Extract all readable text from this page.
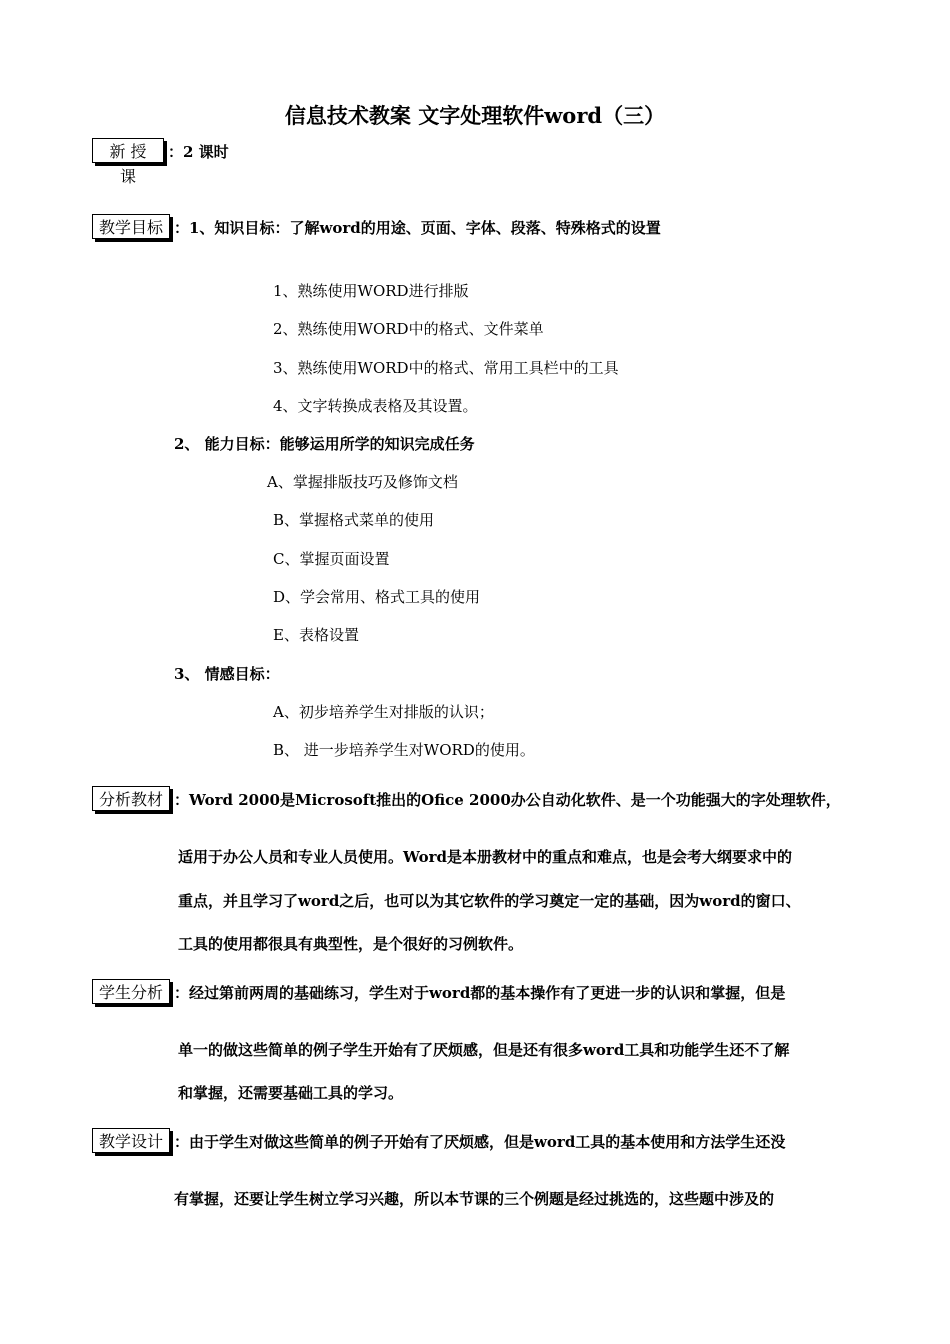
信息技术教案 文字处理软件word（三）
新 授 课
：2 课时
教学目标 ：1、知识目标：了解word的用途、页面、字体、段落、特殊格式的设置
1、熟练使用WORD进行排版
2、熟练使用WORD中的格式、文件菜单
3、熟练使用WORD中的格式、常用工具栏中的工具
4、文字转换成表格及其设置。
2、 能力目标：能够运用所学的知识完成任务
A、掌握排版技巧及修饰文档
B、掌握格式菜单的使用
C、掌握页面设置
D、学会常用、格式工具的使用
E、表格设置
3、 情感目标：
A、初步培养学生对排版的认识；
B、 进一步培养学生对WORD的使用。
分析教材 ：Word 2000是Microsoft推出的Ofice 2000办公自动化软件、是一个功能强大的字处理软件，
适用于办公人员和专业人员使用。Word是本册教材中的重点和难点，也是会考大纲要求中的
重点，并且学习了word之后，也可以为其它软件的学习奠定一定的基础，因为word的窗口、
工具的使用都很具有典型性，是个很好的习例软件。
学生分析 ：经过第前两周的基础练习，学生对于word都的基本操作有了更进一步的认识和掌握，但是
单一的做这些简单的例子学生开始有了厌烦感，但是还有很多word工具和功能学生还不了解
和掌握，还需要基础工具的学习。
教学设计 ：由于学生对做这些简单的例子开始有了厌烦感，但是word工具的基本使用和方法学生还没
有掌握，还要让学生树立学习兴趣，所以本节课的三个例题是经过挑选的，这些题中涉及的
